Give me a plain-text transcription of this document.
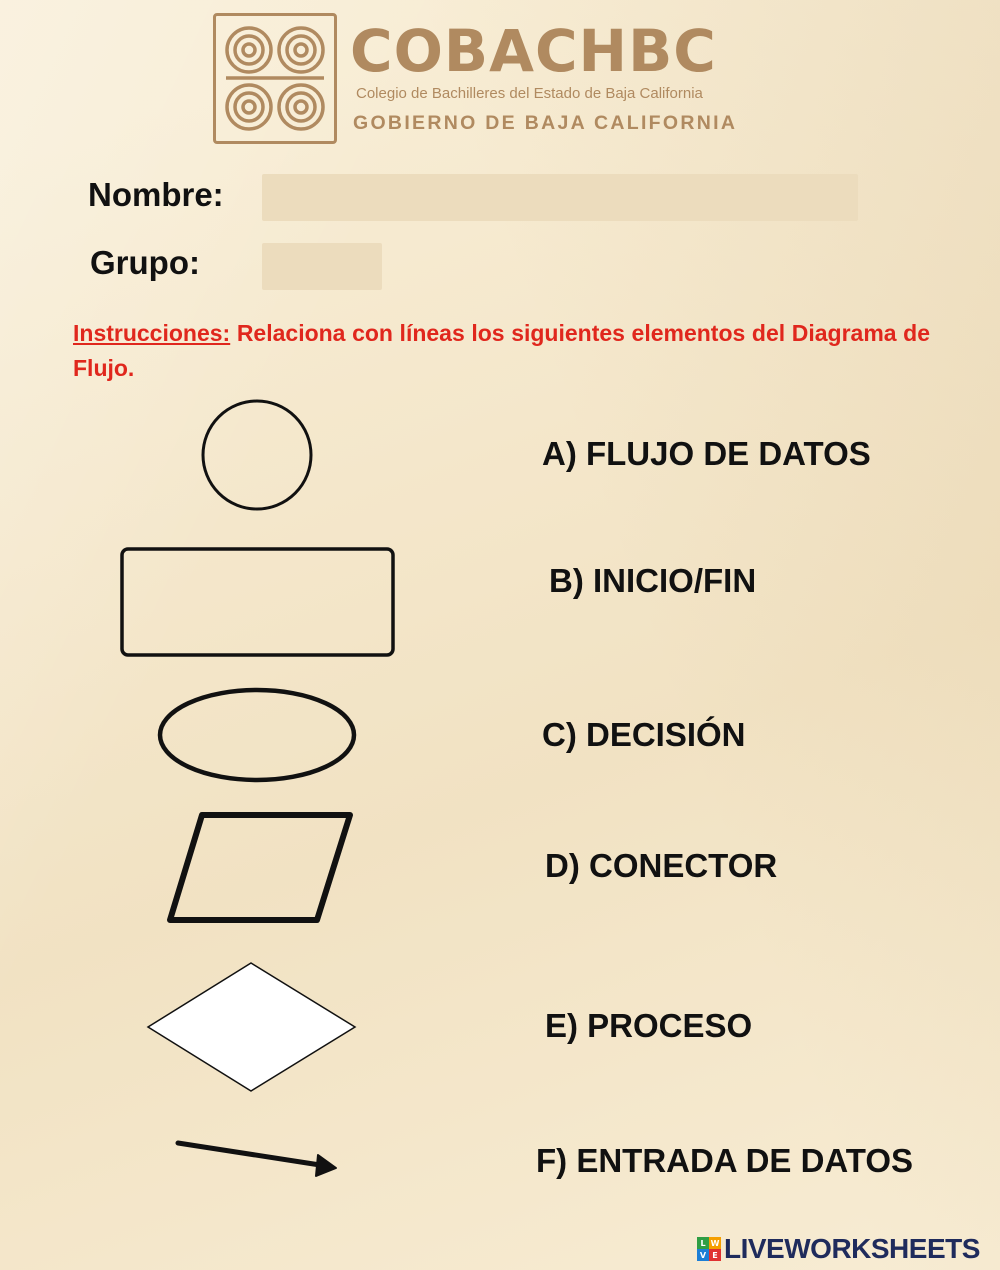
COBACHBC
Colegio de Bachilleres del Estado de Baja California
GOBIERNO DE BAJA CALIFORNIA
Nombre:
Grupo:
Instrucciones: Relaciona con líneas los siguientes elementos del Diagrama de Flujo.
A) FLUJO DE DATOS
B) INICIO/FIN
C) DECISIÓN
D) CONECTOR
E) PROCESO
F) ENTRADA DE DATOS
L W
V E LIVEWORKSHEETS
